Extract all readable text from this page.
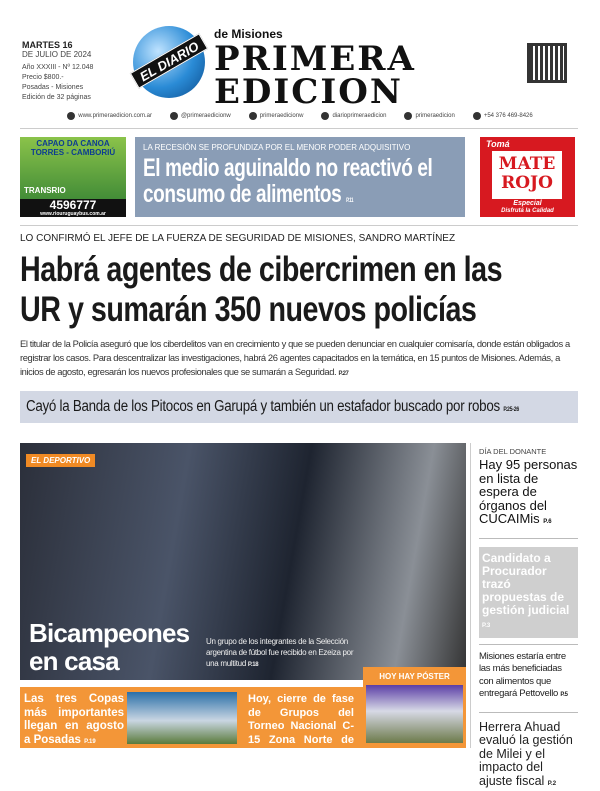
MARTES 16
DE JULIO DE 2024
Año XXXIII - Nº 12.048
Precio $800.-
Posadas - Misiones
Edición de 32 páginas
EL DIARIO
de Misiones
PRIMERA
EDICION
www.primeraedicion.com.ar	@primeraedicionw	primeraedicionw	diarioprimeraedicion	primeraedicion	+54 376 469-8426
CAPAO DA CANOA
TORRES - CAMBORIÚ
TRANSRIO
4596777
www.riouruguaybus.com.ar
LA RECESIÓN SE PROFUNDIZA POR EL MENOR PODER ADQUISITIVO
El medio aguinaldo no reactivó el consumo de alimentos P.11
Tomá
MATE ROJO
Especial
Disfrutá la Calidad
LO CONFIRMÓ EL JEFE DE LA FUERZA DE SEGURIDAD DE MISIONES, SANDRO MARTÍNEZ
Habrá agentes de cibercrimen en las
UR y sumarán 350 nuevos policías
El titular de la Policía aseguró que los ciberdelitos van en crecimiento y que se pueden denunciar en cualquier comisaría, donde están obligados a registrar los casos. Para descentralizar las investigaciones, habrá 26 agentes capacitados en la temática, en 15 puntos de Misiones. Además, a inicios de agosto, egresarán los nuevos profesionales que se sumarán a Seguridad. P.27
Cayó la Banda de los Pitocos en Garupá y también un estafador buscado por robos P.25-26
EL DEPORTIVO
Bicampeones
en casa
Un grupo de los integrantes de la Selección argentina de fútbol fue recibido en Ezeiza por una multitud P.18
Las tres Copas más importantes llegan en agosto a Posadas P.19
Hoy, cierre de fase de Grupos del Torneo Nacional C-15 Zona Norte de futsal P.21
HOY HAY PÓSTER
DÍA DEL DONANTE
Hay 95 personas en lista de espera de órganos del CUCAIMis P.6
Candidato a Procurador trazó propuestas de gestión judicial P.3
Misiones estaría entre las más beneficiadas con alimentos que entregará Pettovello P.5
Herrera Ahuad evaluó la gestión de Milei y el impacto del ajuste fiscal P.2
